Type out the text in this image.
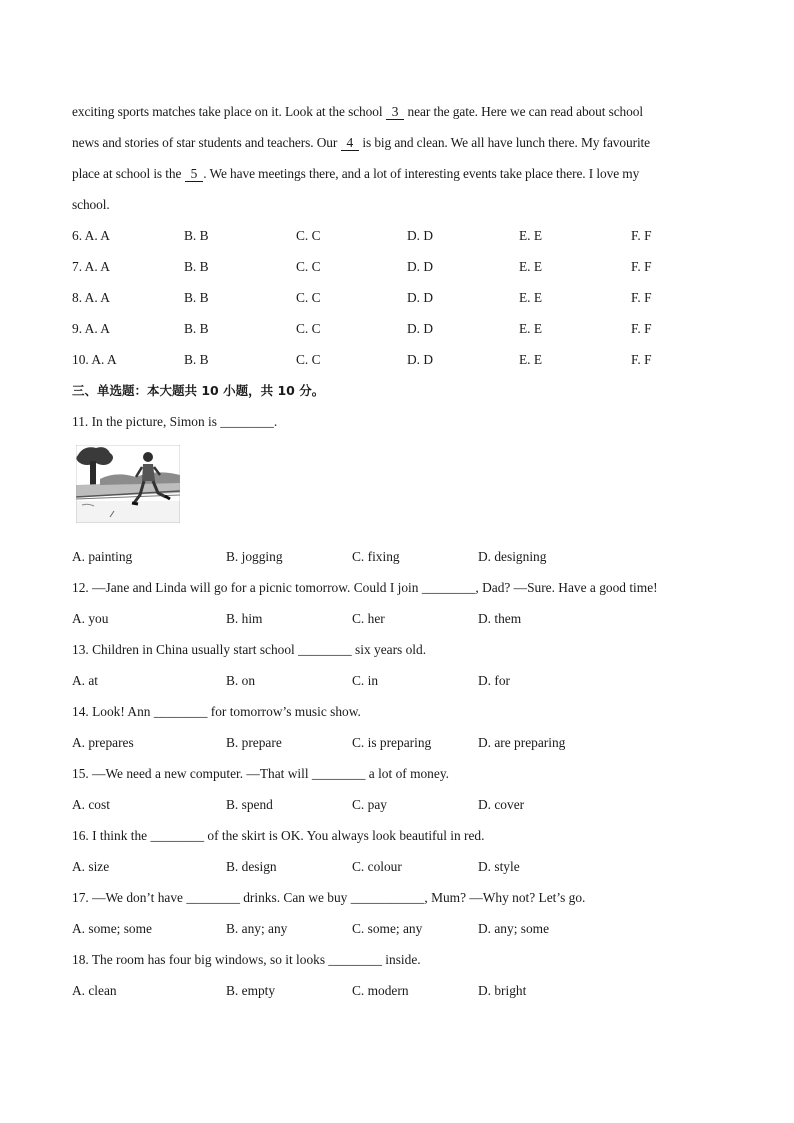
exciting sports matches take place on it. Look at the school 3 near the gate. Here we can read about school
news and stories of star students and teachers. Our 4 is big and clean. We all have lunch there. My favourite
place at school is the 5 . We have meetings there, and a lot of interesting events take place there. I love my
school.
6. A. A	B. B	C. C	D. D	E. E	F. F
7. A. A	B. B	C. C	D. D	E. E	F. F
8. A. A	B. B	C. C	D. D	E. E	F. F
9. A. A	B. B	C. C	D. D	E. E	F. F
10. A. A	B. B	C. C	D. D	E. E	F. F
三、单选题：本大题共 10 小题，共 10 分。
11. In the picture, Simon is ________.
A. painting	B. jogging	C. fixing	D. designing
12. —Jane and Linda will go for a picnic tomorrow. Could I join ________, Dad? —Sure. Have a good time!
A. you	B. him	C. her	D. them
13. Children in China usually start school ________ six years old.
A. at	B. on	C. in	D. for
14. Look! Ann ________ for tomorrow’s music show.
A. prepares	B. prepare	C. is preparing	D. are preparing
15. —We need a new computer. —That will ________ a lot of money.
A. cost	B. spend	C. pay	D. cover
16. I think the ________ of the skirt is OK. You always look beautiful in red.
A. size	B. design	C. colour	D. style
17. —We don’t have ________ drinks. Can we buy ___________, Mum? —Why not? Let’s go.
A. some; some	B. any; any	C. some; any	D. any; some
18. The room has four big windows, so it looks ________ inside.
A. clean	B. empty	C. modern	D. bright
